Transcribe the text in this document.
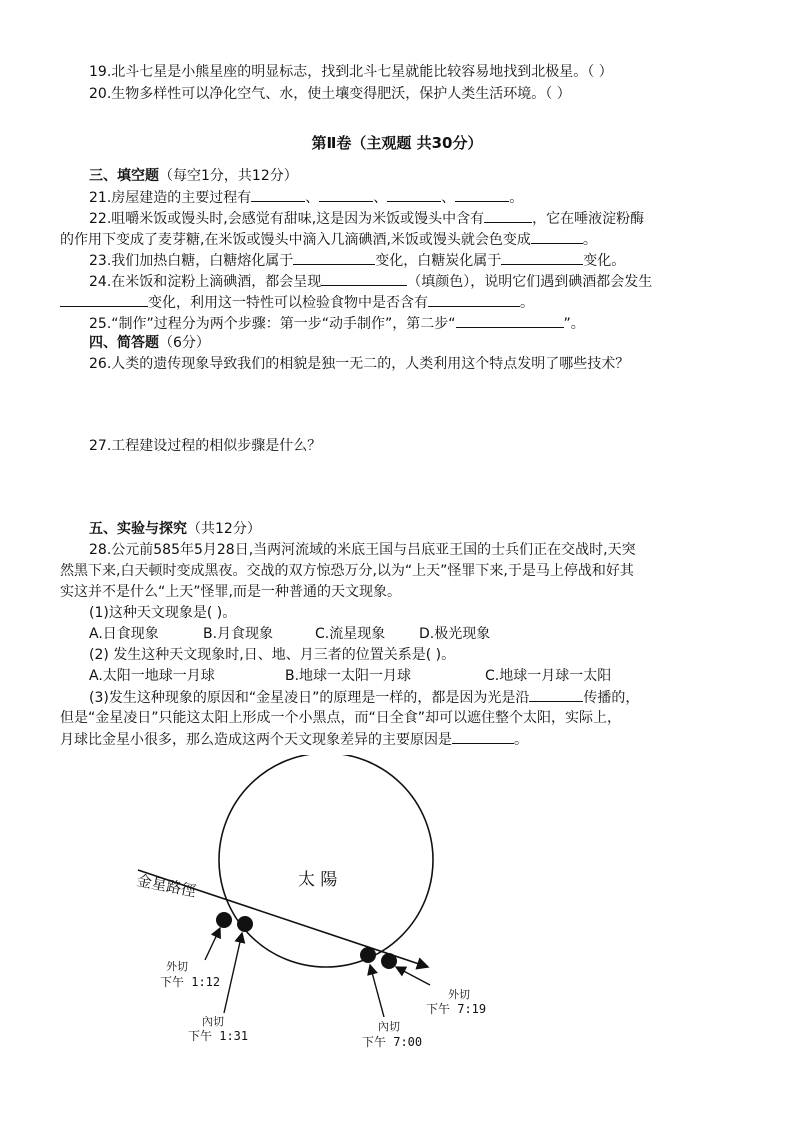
19.北斗七星是小熊星座的明显标志，找到北斗七星就能比较容易地找到北极星。（ ）
20.生物多样性可以净化空气、水，使土壤变得肥沃，保护人类生活环境。（ ）
第Ⅱ卷（主观题 共30分）
三、填空题（每空1分，共12分）
21.房屋建造的主要过程有	、	、	、	。
22.咀嚼米饭或馒头时,会感觉有甜味,这是因为米饭或馒头中含有	，它在唾液淀粉酶
的作用下变成了麦芽糖,在米饭或馒头中滴入几滴碘酒,米饭或馒头就会色变成	。
23.我们加热白糖，白糖熔化属于	变化，白糖炭化属于	变化。
24.在米饭和淀粉上滴碘酒，都会呈现	（填颜色），说明它们遇到碘酒都会发生
变化，利用这一特性可以检验食物中是否含有	。
25.“制作”过程分为两个步骤：第一步“动手制作”，第二步“	”。
四、简答题（6分）
26.人类的遗传现象导致我们的相貌是独一无二的，人类利用这个特点发明了哪些技术？
27.工程建设过程的相似步骤是什么？
五、实验与探究（共12分）
28.公元前585年5月28日,当两河流域的米底王国与吕底亚王国的士兵们正在交战时,天突
然黑下来,白天顿时变成黑夜。交战的双方惊恐万分,以为“上天”怪罪下来,于是马上停战和好其
实这并不是什么“上天”怪罪,而是一种普通的天文现象。
(1)这种天文现象是( )。
A.日食现象	B.月食现象	C.流星现象 D.极光现象
(2) 发生这种天文现象时,日、地、月三者的位置关系是( )。
A.太阳一地球一月球	B.地球一太阳一月球	C.地球一月球一太阳
(3)发生这种现象的原因和“金星凌日”的原理是一样的，都是因为光是沿	传播的，
但是“金星凌日”只能这太阳上形成一个小黑点，而“日全食”却可以遮住整个太阳，实际上，
月球比金星小很多，那么造成这两个天文现象差异的主要原因是	。
太 陽
金星路徑
外切
下午 1:12
內切
下午 1:31
內切
下午 7:00
外切
下午 7:19
